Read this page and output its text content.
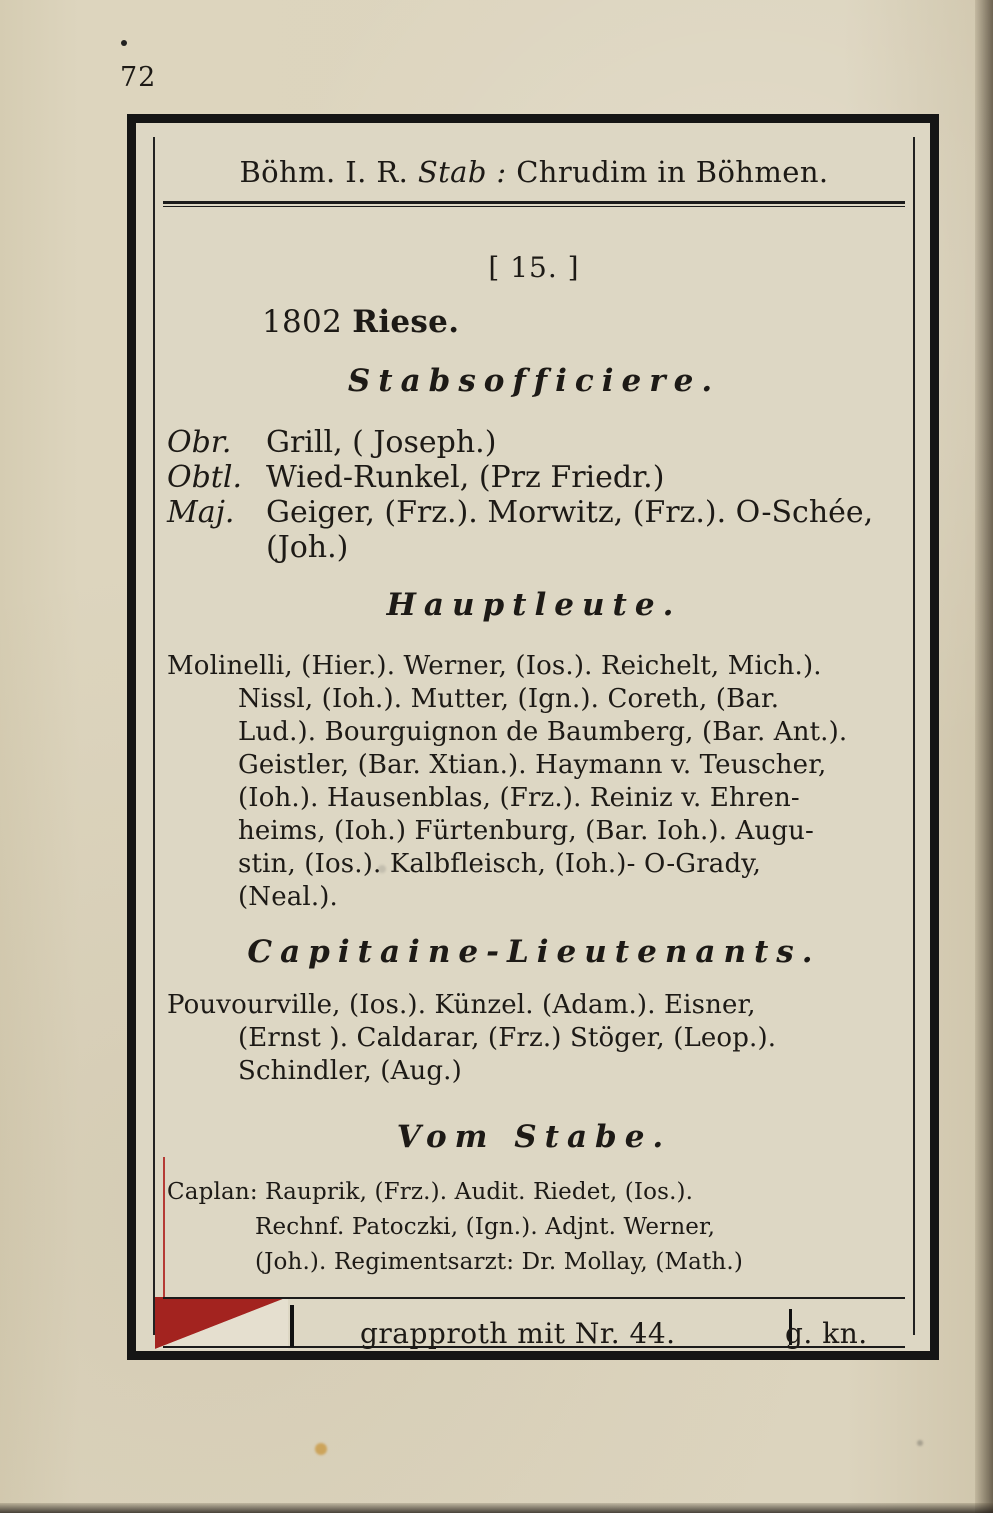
72
Böhm. I. R. Stab : Chrudim in Böhmen.
[ 15. ]
1802 Riese.
Stabsofficiere.
Obr.	Grill, ( Joseph.)
Obtl. Wied-Runkel, (Prz Friedr.)
Maj.	Geiger, (Frz.). Morwitz, (Frz.). O-Schée,
(Joh.)
Hauptleute.
Molinelli, (Hier.). Werner, (Ios.). Reichelt, Mich.).
Nissl, (Ioh.). Mutter, (Ign.). Coreth, (Bar.
Lud.). Bourguignon de Baumberg, (Bar. Ant.).
Geistler, (Bar. Xtian.). Haymann v. Teuscher,
(Ioh.). Hausenblas, (Frz.). Reiniz v. Ehren-
heims, (Ioh.) Fürtenburg, (Bar. Ioh.). Augu-
stin, (Ios.). Kalbfleisch, (Ioh.)- O-Grady,
(Neal.).
Capitaine-Lieutenants.
Pouvourville, (Ios.). Künzel. (Adam.). Eisner,
(Ernst ). Caldarar, (Frz.) Stöger, (Leop.).
Schindler, (Aug.)
Vom Stabe.
Caplan: Rauprik, (Frz.). Audit. Riedet, (Ios.).
Rechnf. Patoczki, (Ign.). Adjnt. Werner,
(Joh.). Regimentsarzt: Dr. Mollay, (Math.)
grapproth mit Nr. 44.	g. kn.
